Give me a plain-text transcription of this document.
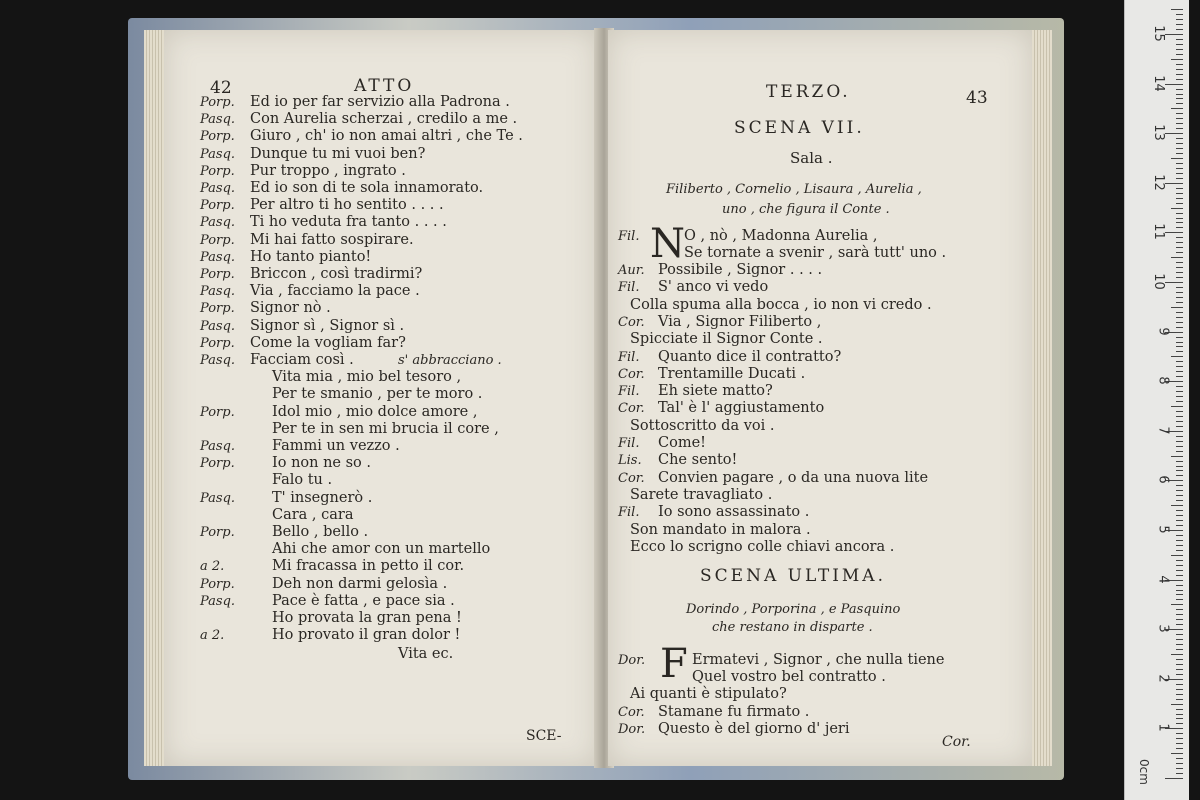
42	ATTO
Porp. Ed io per far servizio alla Padrona .
Pasq. Con Aurelia scherzai , credilo a me .
Porp. Giuro , ch' io non amai altri , che Te .
Pasq. Dunque tu mi vuoi ben?
Porp. Pur troppo , ingrato .
Pasq. Ed io son di te sola innamorato.
Porp. Per altro ti ho sentito . . . .
Pasq. Ti ho veduta fra tanto . . . .
Porp. Mi hai fatto sospirare.
Pasq. Ho tanto pianto!
Porp. Briccon , così tradirmi?
Pasq. Via , facciamo la pace .
Porp. Signor nò .
Pasq. Signor sì , Signor sì .
Porp. Come la vogliam far?
Pasq. Facciam così .	s' abbracciano .
Vita mia , mio bel tesoro ,
Per te smanio , per te moro .
Porp.	Idol mio , mio dolce amore ,
Per te in sen mi brucia il core ,
Pasq.	Fammi un vezzo .
Porp.	Io non ne so .
Falo tu .
Pasq.	T' insegnerò .
Cara , cara
Porp.	Bello , bello .
Ahi che amor con un martello
a 2.	Mi fracassa in petto il cor.
Porp.	Deh non darmi gelosìa .
Pasq.	Pace è fatta , e pace sia .
Ho provata la gran pena !
a 2.	Ho provato il gran dolor !
Vita ec.
SCE-
TERZO.	43
SCENA VII.
Sala .
Filiberto , Cornelio , Lisaura , Aurelia ,
uno , che figura il Conte .
N
SCENA ULTIMA.
Dorindo , Porporina , e Pasquino
che restano in disparte .
F
Cor.
Fil.	O , nò , Madonna Aurelia ,
Se tornate a svenir , sarà tutt' uno .
Aur. Possibile , Signor . . . .
Fil. S' anco vi vedo
Colla spuma alla bocca , io non vi credo .
Cor. Via , Signor Filiberto ,
Spicciate il Signor Conte .
Fil. Quanto dice il contratto?
Cor. Trentamille Ducati .
Fil. Eh siete matto?
Cor. Tal' è l' aggiustamento
Sottoscritto da voi .
Fil. Come!
Lis. Che sento!
Cor. Convien pagare , o da una nuova lite
Sarete travagliato .
Fil. Io sono assassinato .
Son mandato in malora .
Ecco lo scrigno colle chiavi ancora .
Dor.	Ermatevi , Signor , che nulla tiene
Quel vostro bel contratto .
Ai quanti è stipulato?
Cor. Stamane fu firmato .
Dor. Questo è del giorno d' jeri
0cm
1
2
3
4
5
6
7
8
9
10
11
12
13
14
15
